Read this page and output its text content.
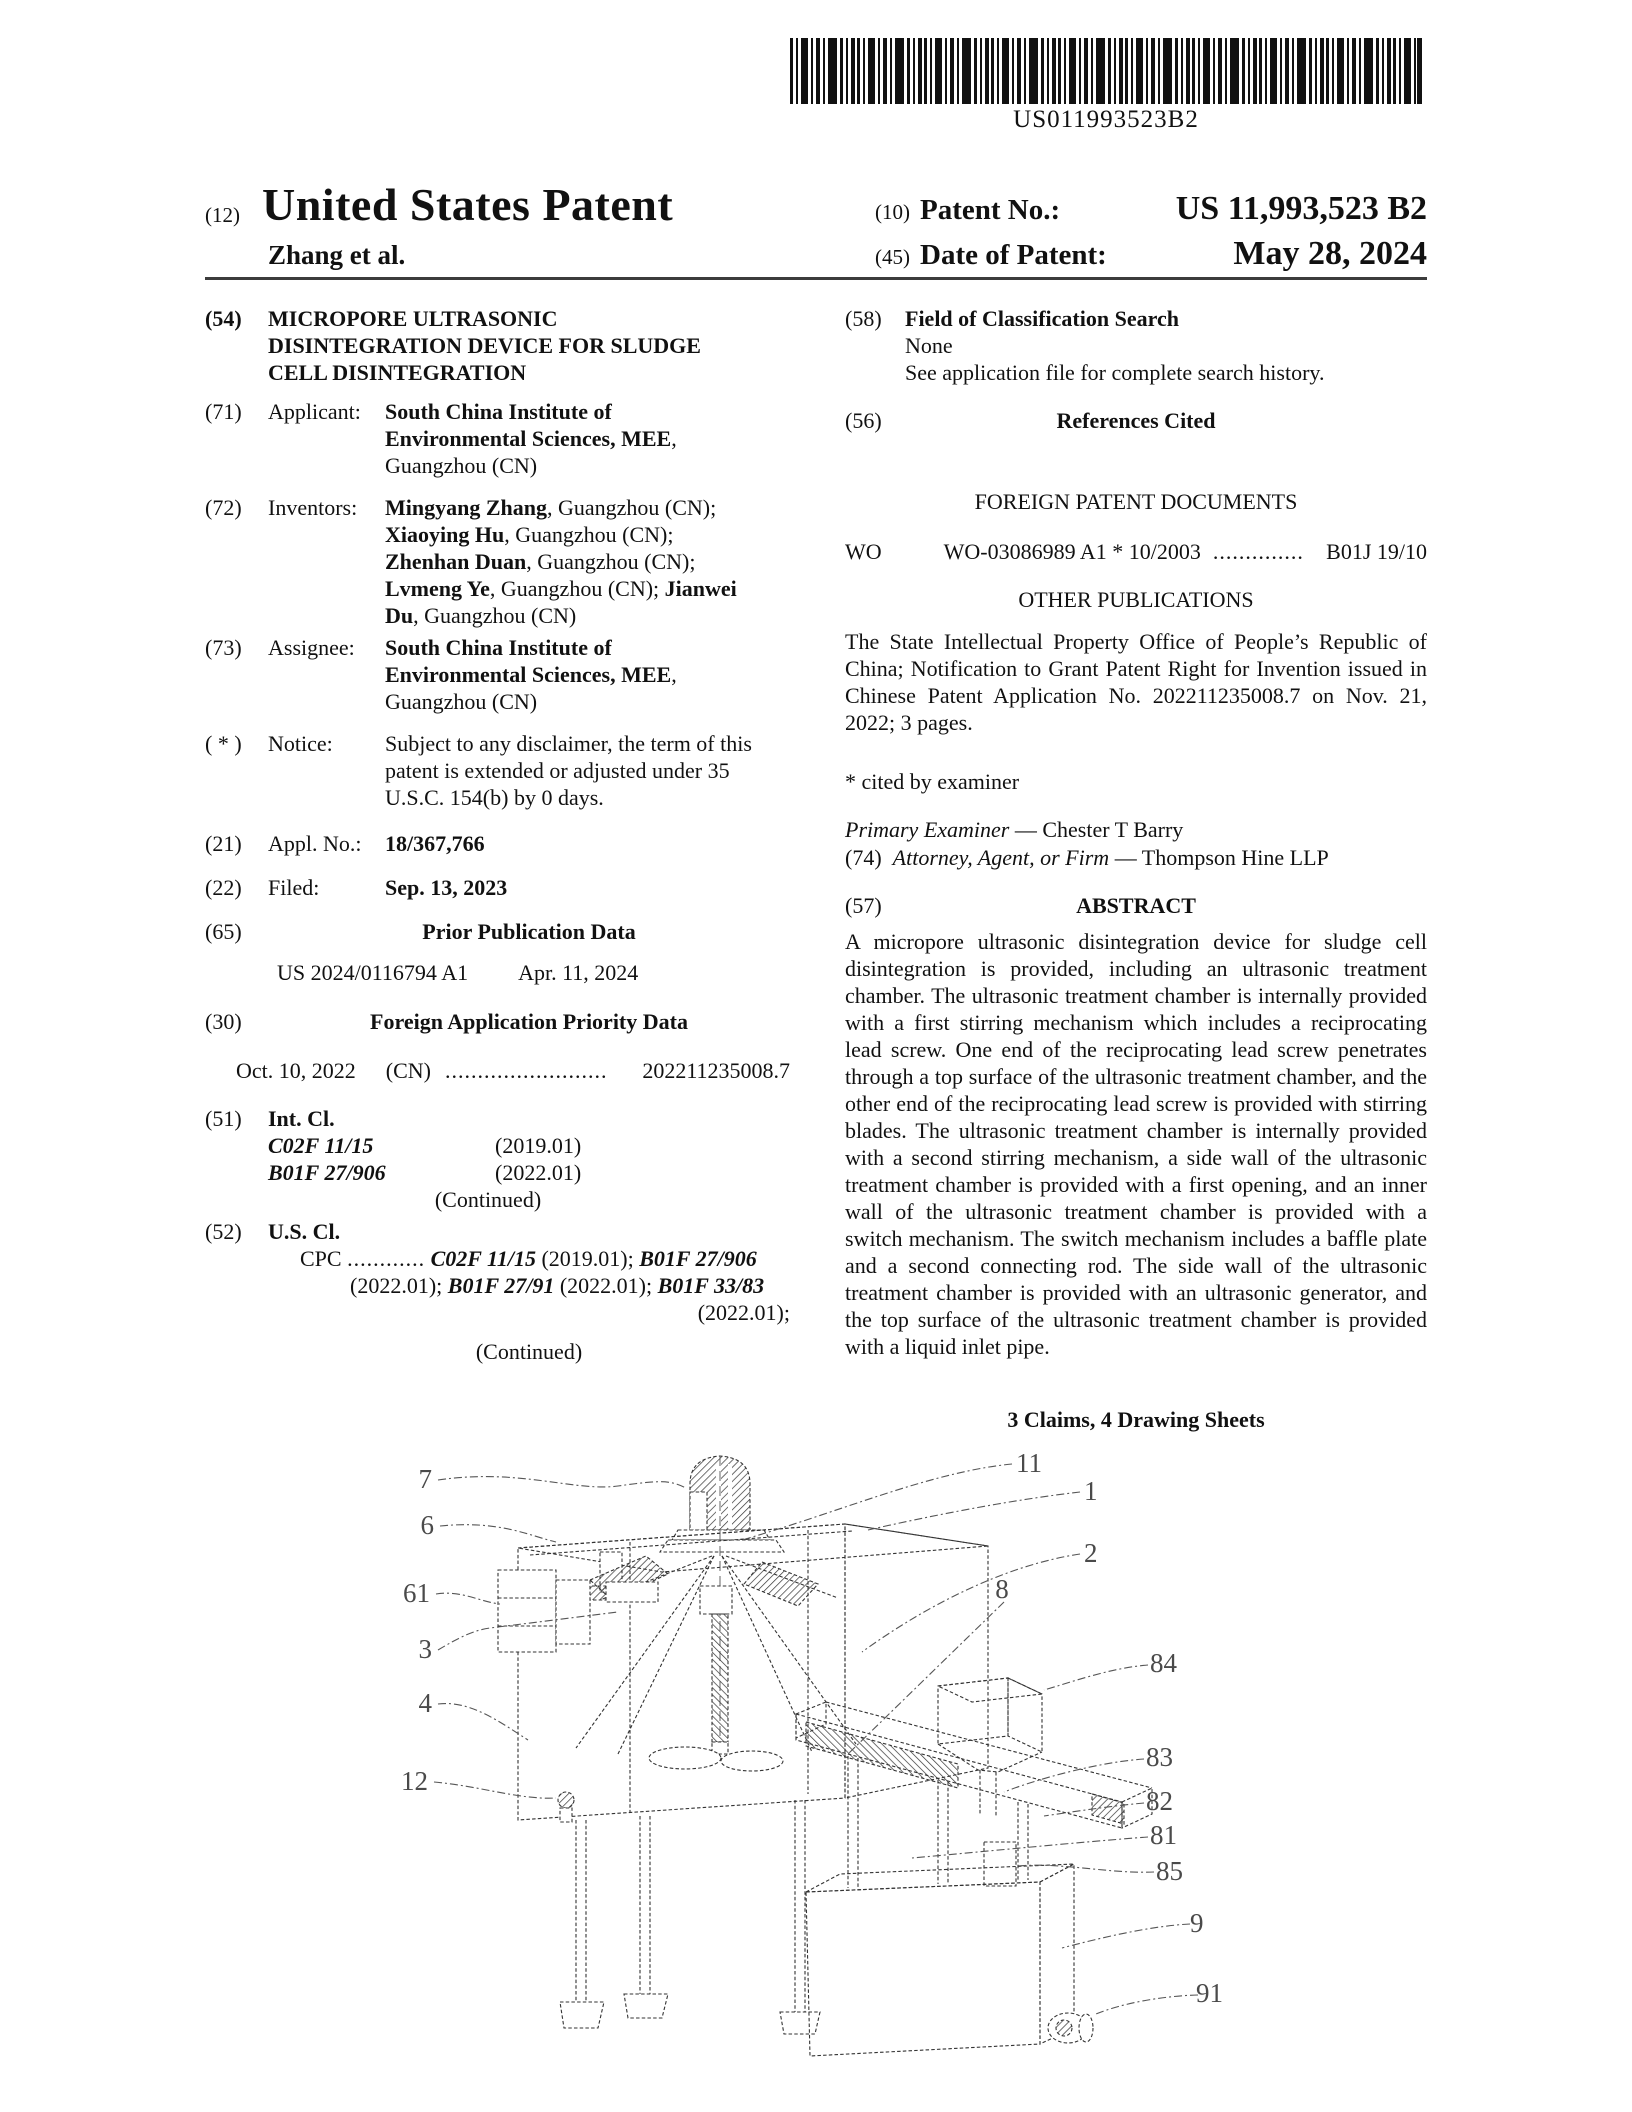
US011993523B2
(12) United States Patent
Zhang et al.
(10) Patent No.:	US 11,993,523 B2
(45) Date of Patent:	May 28, 2024
(54)	MICROPORE ULTRASONIC
DISINTEGRATION DEVICE FOR SLUDGE
CELL DISINTEGRATION
(71)	Applicant:	South China Institute of
Environmental Sciences, MEE,
Guangzhou (CN)
(72)	Inventors:	Mingyang Zhang, Guangzhou (CN);
Xiaoying Hu, Guangzhou (CN);
Zhenhan Duan, Guangzhou (CN);
Lvmeng Ye, Guangzhou (CN); Jianwei
Du, Guangzhou (CN)
(73)	Assignee:	South China Institute of
Environmental Sciences, MEE,
Guangzhou (CN)
( * )	Notice:	Subject to any disclaimer, the term of this
patent is extended or adjusted under 35
U.S.C. 154(b) by 0 days.
(21)	Appl. No.:	18/367,766
(22)	Filed:	Sep. 13, 2023
(65)	Prior Publication Data
US 2024/0116794 A1 Apr. 11, 2024
(30)	Foreign Application Priority Data
Oct. 10, 2022 (CN) ......................... 202211235008.7
(51)	Int. Cl.
C02F 11/15	(2019.01)
B01F 27/906	(2022.01)
(Continued)
(52)	U.S. Cl.
CPC ............ C02F 11/15 (2019.01); B01F 27/906
(2022.01); B01F 27/91 (2022.01); B01F 33/83
(2022.01);
(Continued)
(58)	Field of Classification Search
None
See application file for complete search history.
(56)	References Cited
FOREIGN PATENT DOCUMENTS
WO	WO-03086989 A1 * 10/2003 .............. B01J 19/10
OTHER PUBLICATIONS
The State Intellectual Property Office of People’s Republic of China; Notification to Grant Patent Right for Invention issued in Chinese Patent Application No. 202211235008.7 on Nov. 21, 2022; 3 pages.
* cited by examiner
Primary Examiner — Chester T Barry
(74) Attorney, Agent, or Firm — Thompson Hine LLP
(57)	ABSTRACT
A micropore ultrasonic disintegration device for sludge cell disintegration is provided, including an ultrasonic treatment chamber. The ultrasonic treatment chamber is internally provided with a first stirring mechanism which includes a reciprocating lead screw. One end of the reciprocating lead screw penetrates through a top surface of the ultrasonic treatment chamber, and the other end of the reciprocating lead screw is provided with stirring blades. The ultrasonic treatment chamber is internally provided with a second stirring mechanism, a side wall of the ultrasonic treatment chamber is provided with a first opening, and an inner wall of the ultrasonic treatment chamber is provided with a switch mechanism. The switch mechanism includes a baffle plate and a second connecting rod. The side wall of the ultrasonic treatment chamber is provided with an ultrasonic generator, and the top surface of the ultrasonic treatment chamber is provided with a liquid inlet pipe.
3 Claims, 4 Drawing Sheets
7
6
61
3
4
12
11
1
2
8
84
83
82
81
85
9
91
